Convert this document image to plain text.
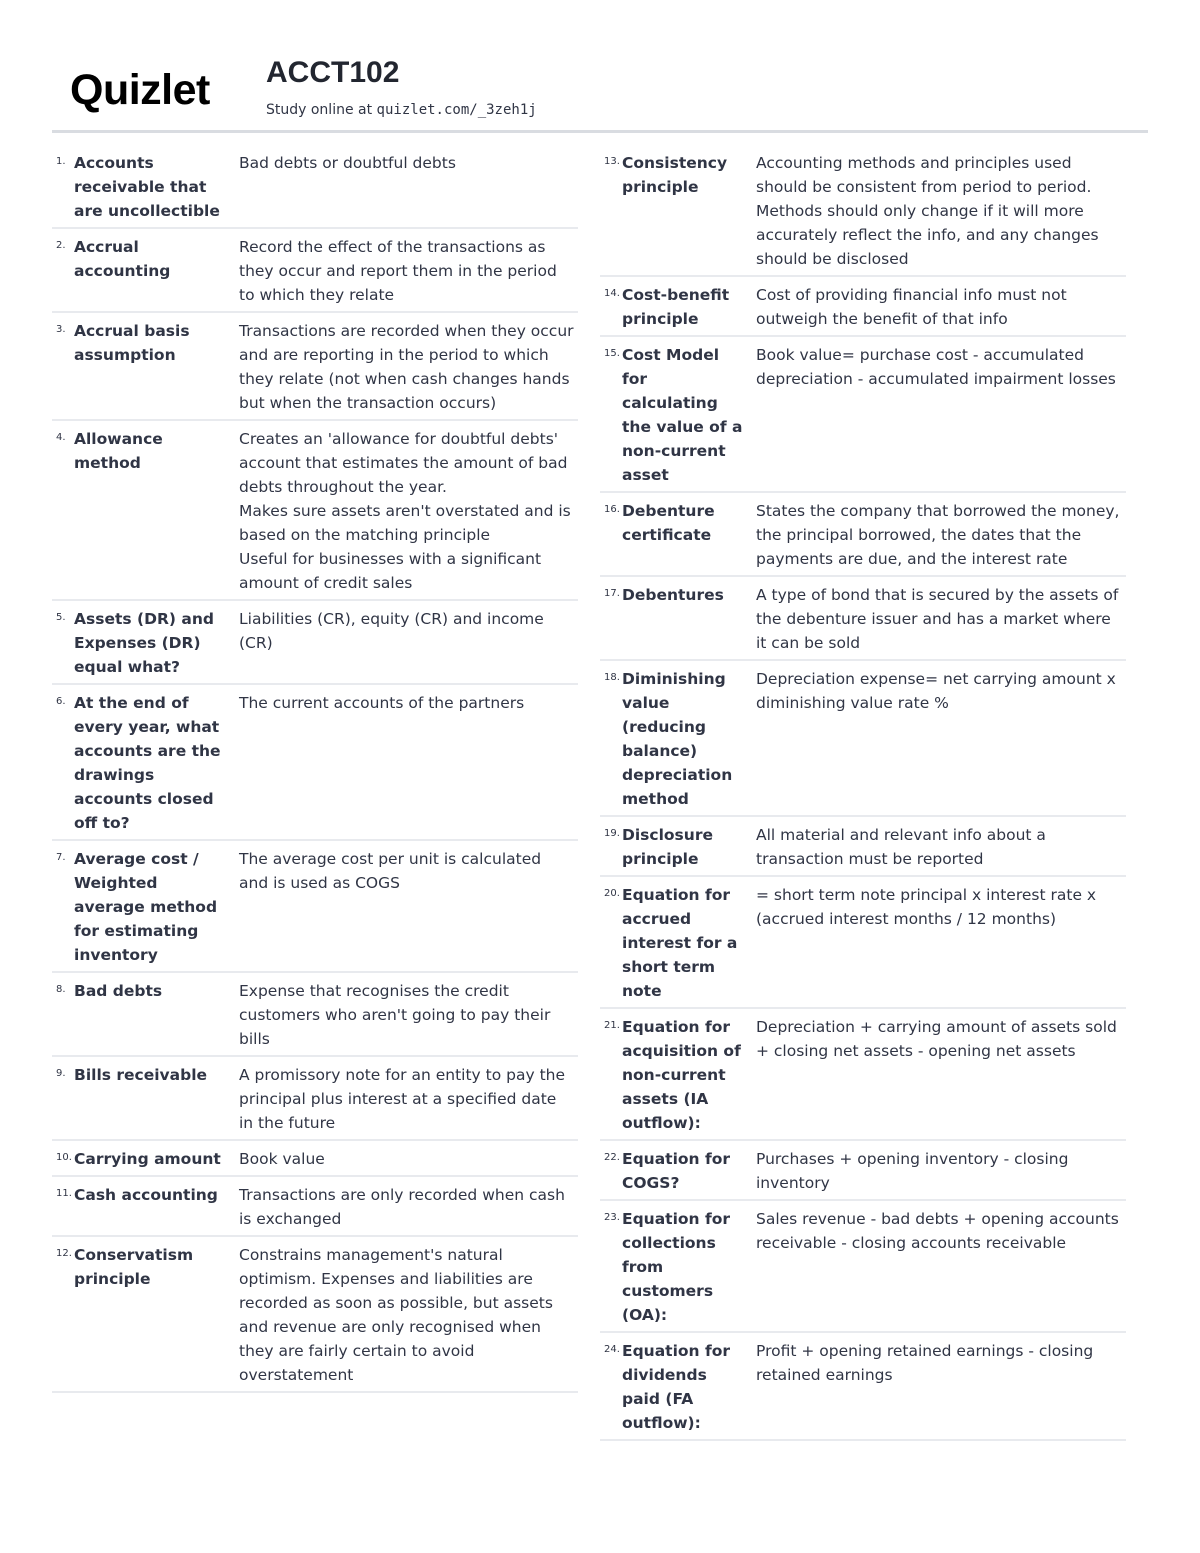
Quizlet ACCT102
Study online at quizlet.com/_3zeh1j
1. Accounts receivable that are uncollectible
Bad debts or doubtful debts
2. Accrual accounting
Record the effect of the transactions as they occur and report them in the period to which they relate
3. Accrual basis assumption
Transactions are recorded when they occur and are reporting in the period to which they relate (not when cash changes hands but when the transaction occurs)
4. Allowance method
Creates an 'allowance for doubtful debts' account that estimates the amount of bad debts throughout the year.
Makes sure assets aren't overstated and is based on the matching principle
Useful for businesses with a significant amount of credit sales
5. Assets (DR) and Expenses (DR) equal what?
Liabilities (CR), equity (CR) and income (CR)
6. At the end of every year, what accounts are the drawings accounts closed off to?
The current accounts of the partners
7. Average cost / Weighted average method for estimating inventory
The average cost per unit is calculated and is used as COGS
8. Bad debts	Expense that recognises the credit customers who aren't going to pay their bills
9. Bills receivable	A promissory note for an entity to pay the principal plus interest at a specified date in the future
10. Carrying amount	Book value
11. Cash accounting	Transactions are only recorded when cash is exchanged
12. Conservatism principle
Constrains management's natural optimism. Expenses and liabilities are recorded as soon as possible, but assets and revenue are only recognised when they are fairly certain to avoid overstatement
13. Consistency principle
Accounting methods and principles used should be consistent from period to period. Methods should only change if it will more accurately reflect the info, and any changes should be disclosed
14. Cost-benefit principle
Cost of providing financial info must not outweigh the benefit of that info
15. Cost Model for calculating the value of a non-current asset
Book value= purchase cost - accumulated depreciation - accumulated impairment losses
16. Debenture certificate
States the company that borrowed the money, the principal borrowed, the dates that the payments are due, and the interest rate
17. Debentures	A type of bond that is secured by the assets of the debenture issuer and has a market where it can be sold
18. Diminishing value (reducing balance) depreciation method
Depreciation expense= net carrying amount x diminishing value rate %
19. Disclosure principle
All material and relevant info about a transaction must be reported
20. Equation for accrued interest for a short term note
= short term note principal x interest rate x (accrued interest months / 12 months)
21. Equation for acquisition of non-current assets (IA outflow):
Depreciation + carrying amount of assets sold + closing net assets - opening net assets
22. Equation for COGS?
Purchases + opening inventory - closing inventory
23. Equation for collections from customers (OA):
Sales revenue - bad debts + opening accounts receivable - closing accounts receivable
24. Equation for dividends paid (FA outflow):
Profit + opening retained earnings - closing retained earnings
